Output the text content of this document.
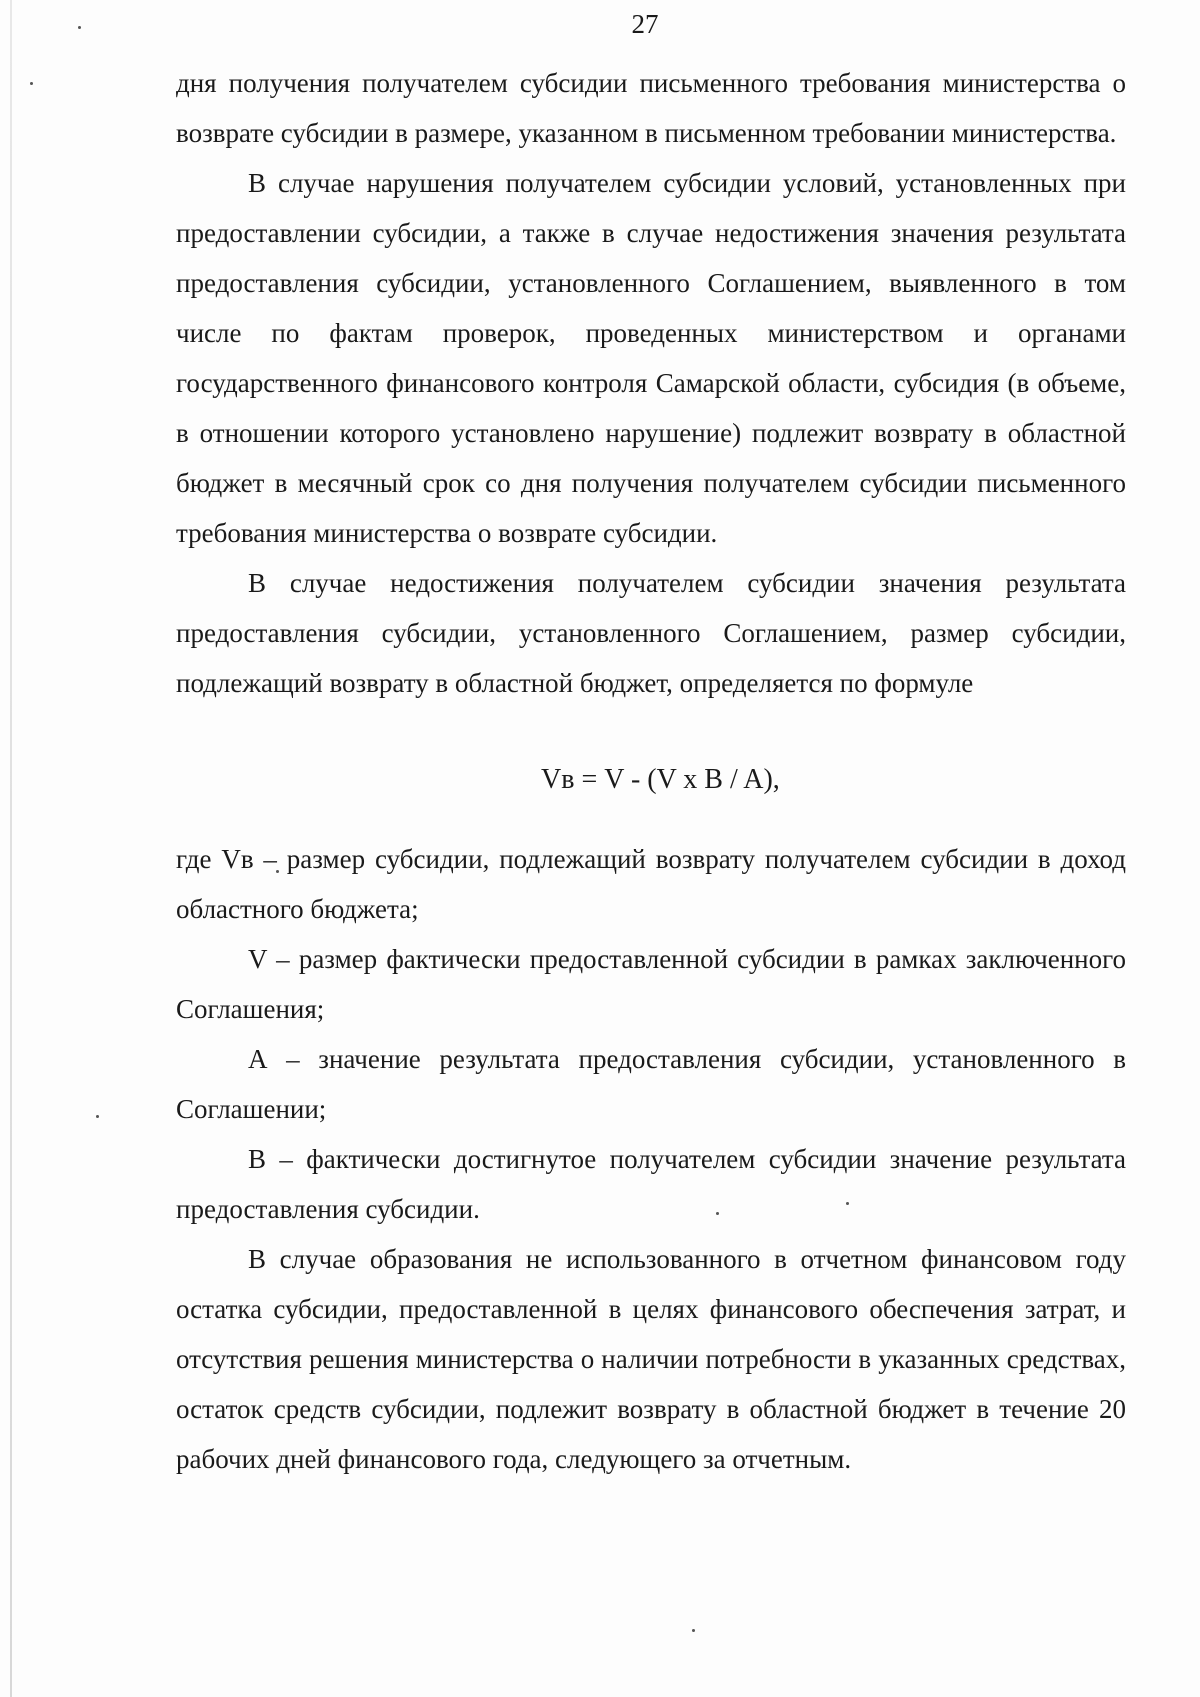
27

дня получения получателем субсидии письменного требования министерства о возврате субсидии в размере, указанном в письменном требовании министерства.

В случае нарушения получателем субсидии условий, установленных при предоставлении субсидии, а также в случае недостижения значения результата предоставления субсидии, установленного Соглашением, выявленного в том числе по фактам проверок, проведенных министерством и органами государственного финансового контроля Самарской области, субсидия (в объеме, в отношении которого установлено нарушение) подлежит возврату в областной бюджет в месячный срок со дня получения получателем субсидии письменного требования министерства о возврате субсидии.

В случае недостижения получателем субсидии значения результата предоставления субсидии, установленного Соглашением, размер субсидии, подлежащий возврату в областной бюджет, определяется по формуле

Vв = V - (V х B / A),

где Vв – размер субсидии, подлежащий возврату получателем субсидии в доход областного бюджета;

V – размер фактически предоставленной субсидии в рамках заключенного Соглашения;

А – значение результата предоставления субсидии, установленного в Соглашении;

В – фактически достигнутое получателем субсидии значение результата предоставления субсидии.

В случае образования не использованного в отчетном финансовом году остатка субсидии, предоставленной в целях финансового обеспечения затрат, и отсутствия решения министерства о наличии потребности в указанных средствах, остаток средств субсидии, подлежит возврату в областной бюджет в течение 20 рабочих дней финансового года, следующего за отчетным.
